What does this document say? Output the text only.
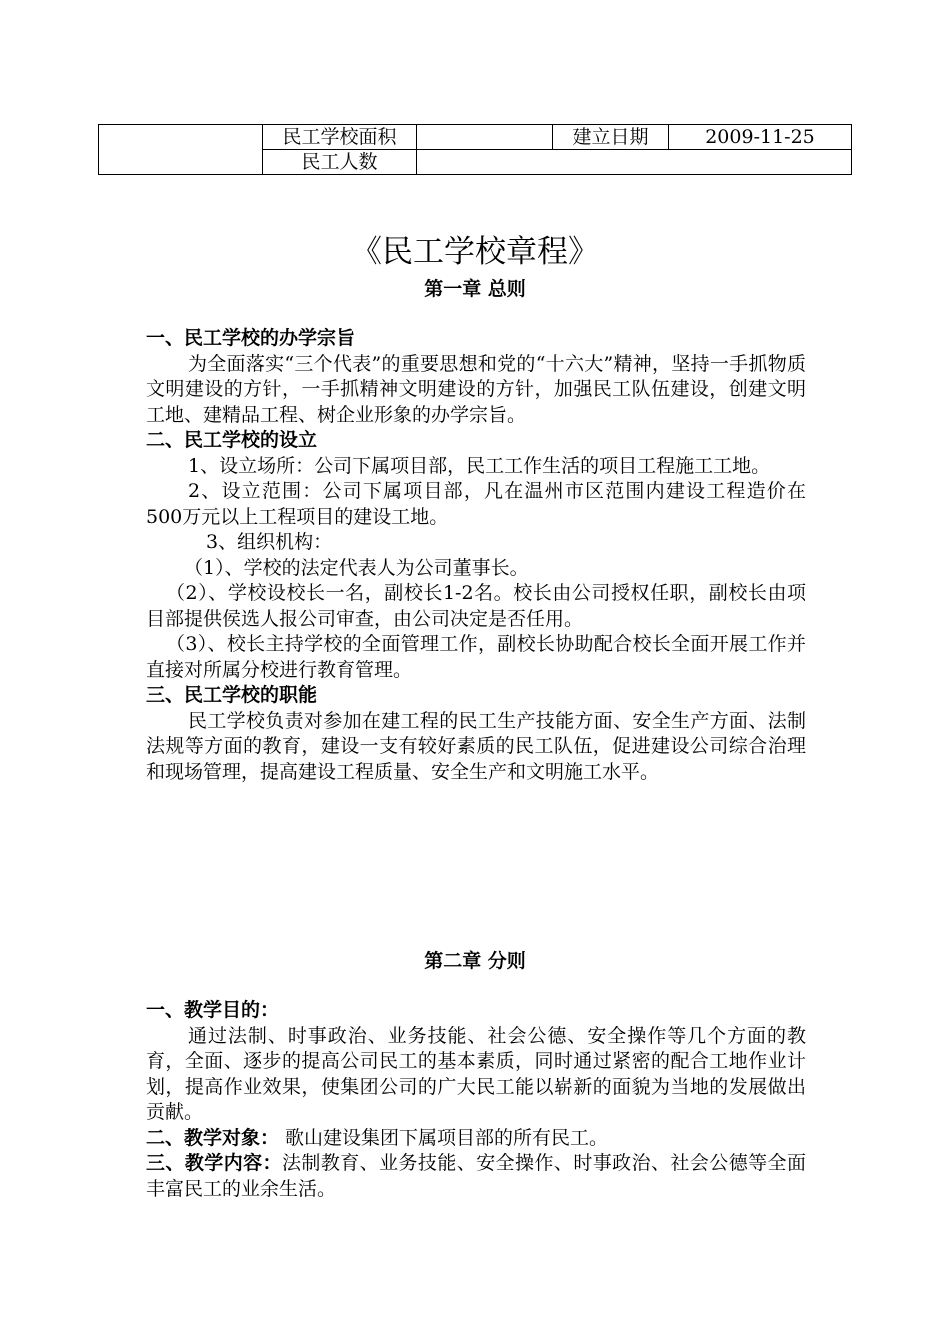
	民工学校面积		建立日期	2009-11-25
	民工人数			
《民工学校章程》
第一章 总则

一、民工学校的办学宗旨

为全面落实“三个代表”的重要思想和党的“十六大”精神，坚持一手抓物质文明建设的方针，一手抓精神文明建设的方针，加强民工队伍建设，创建文明工地、建精品工程、树企业形象的办学宗旨。

二、民工学校的设立

1、设立场所：公司下属项目部，民工工作生活的项目工程施工工地。

2、设立范围：公司下属项目部，凡在温州市区范围内建设工程造价在500万元以上工程项目的建设工地。

3、组织机构：

（1）、学校的法定代表人为公司董事长。

（2）、学校设校长一名，副校长1-2名。校长由公司授权任职，副校长由项目部提供侯选人报公司审查，由公司决定是否任用。

（3）、校长主持学校的全面管理工作，副校长协助配合校长全面开展工作并直接对所属分校进行教育管理。

三、民工学校的职能

民工学校负责对参加在建工程的民工生产技能方面、安全生产方面、法制法规等方面的教育，建设一支有较好素质的民工队伍，促进建设公司综合治理和现场管理，提高建设工程质量、安全生产和文明施工水平。

第二章 分则

一、教学目的：

通过法制、时事政治、业务技能、社会公德、安全操作等几个方面的教育，全面、逐步的提高公司民工的基本素质，同时通过紧密的配合工地作业计划，提高作业效果，使集团公司的广大民工能以崭新的面貌为当地的发展做出贡献。

二、教学对象： 歌山建设集团下属项目部的所有民工。

三、教学内容：法制教育、业务技能、安全操作、时事政治、社会公德等全面丰富民工的业余生活。
